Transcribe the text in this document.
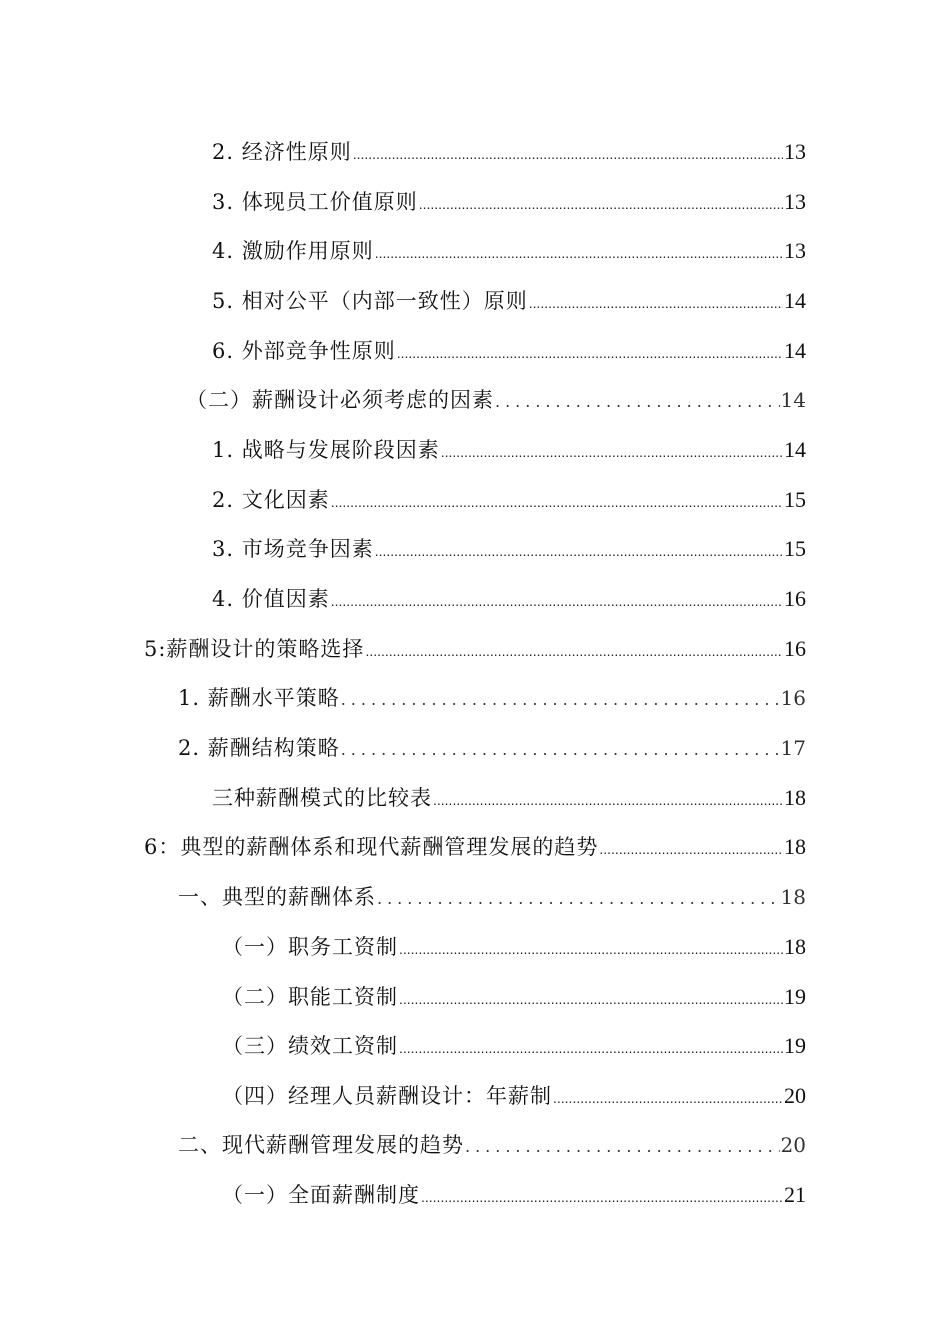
2. 经济性原则 .....	13
3. 体现员工价值原则 .....	13
4. 激励作用原则 .....	13
5. 相对公平（内部一致性）原则 .....	14
6. 外部竞争性原则 .....	14
（二）薪酬设计必须考虑的因素 .....	14
1. 战略与发展阶段因素 .....	14
2. 文化因素 .....	15
3. 市场竞争因素 .....	15
4. 价值因素 .....	16
5:薪酬设计的策略选择 .....	16
1. 薪酬水平策略 .....	16
2. 薪酬结构策略 .....	17
三种薪酬模式的比较表 .....	18
6：典型的薪酬体系和现代薪酬管理发展的趋势 .....	18
一、典型的薪酬体系 .....	18
（一）职务工资制 .....	18
（二）职能工资制 .....	19
（三）绩效工资制 .....	19
（四）经理人员薪酬设计：年薪制 .....	20
二、现代薪酬管理发展的趋势 .....	20
（一）全面薪酬制度 .....	21
